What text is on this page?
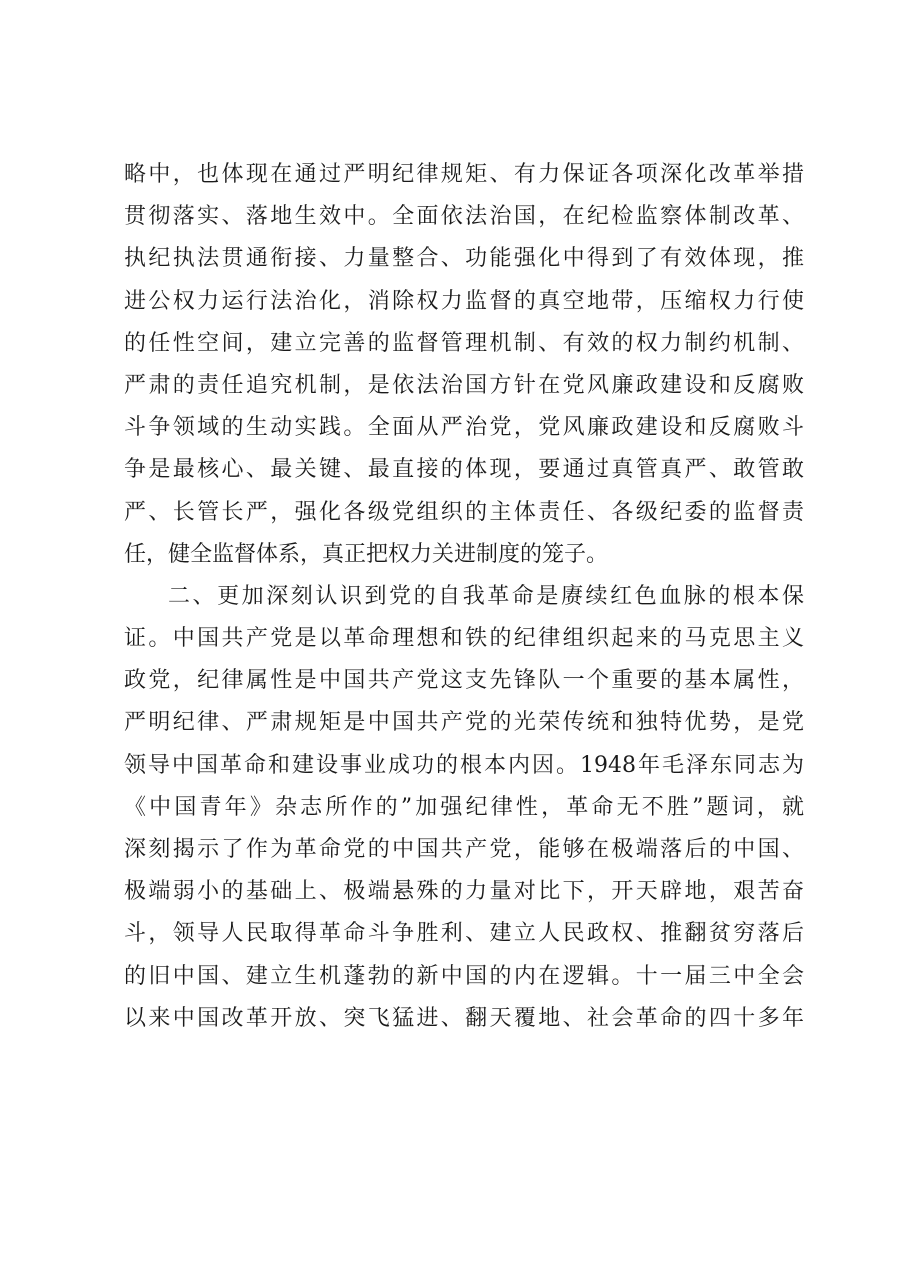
略中，也体现在通过严明纪律规矩、有力保证各项深化改革举措
贯彻落实、落地生效中。全面依法治国，在纪检监察体制改革、
执纪执法贯通衔接、力量整合、功能强化中得到了有效体现，推
进公权力运行法治化，消除权力监督的真空地带，压缩权力行使
的任性空间，建立完善的监督管理机制、有效的权力制约机制、
严肃的责任追究机制，是依法治国方针在党风廉政建设和反腐败
斗争领域的生动实践。全面从严治党，党风廉政建设和反腐败斗
争是最核心、最关键、最直接的体现，要通过真管真严、敢管敢
严、长管长严，强化各级党组织的主体责任、各级纪委的监督责
任，健全监督体系，真正把权力关进制度的笼子。
二、更加深刻认识到党的自我革命是赓续红色血脉的根本保
证。中国共产党是以革命理想和铁的纪律组织起来的马克思主义
政党，纪律属性是中国共产党这支先锋队一个重要的基本属性，
严明纪律、严肃规矩是中国共产党的光荣传统和独特优势，是党
领导中国革命和建设事业成功的根本内因。1948年毛泽东同志为
《中国青年》杂志所作的”加强纪律性，革命无不胜”题词，就
深刻揭示了作为革命党的中国共产党，能够在极端落后的中国、
极端弱小的基础上、极端悬殊的力量对比下，开天辟地，艰苦奋
斗，领导人民取得革命斗争胜利、建立人民政权、推翻贫穷落后
的旧中国、建立生机蓬勃的新中国的内在逻辑。十一届三中全会
以来中国改革开放、突飞猛进、翻天覆地、社会革命的四十多年
